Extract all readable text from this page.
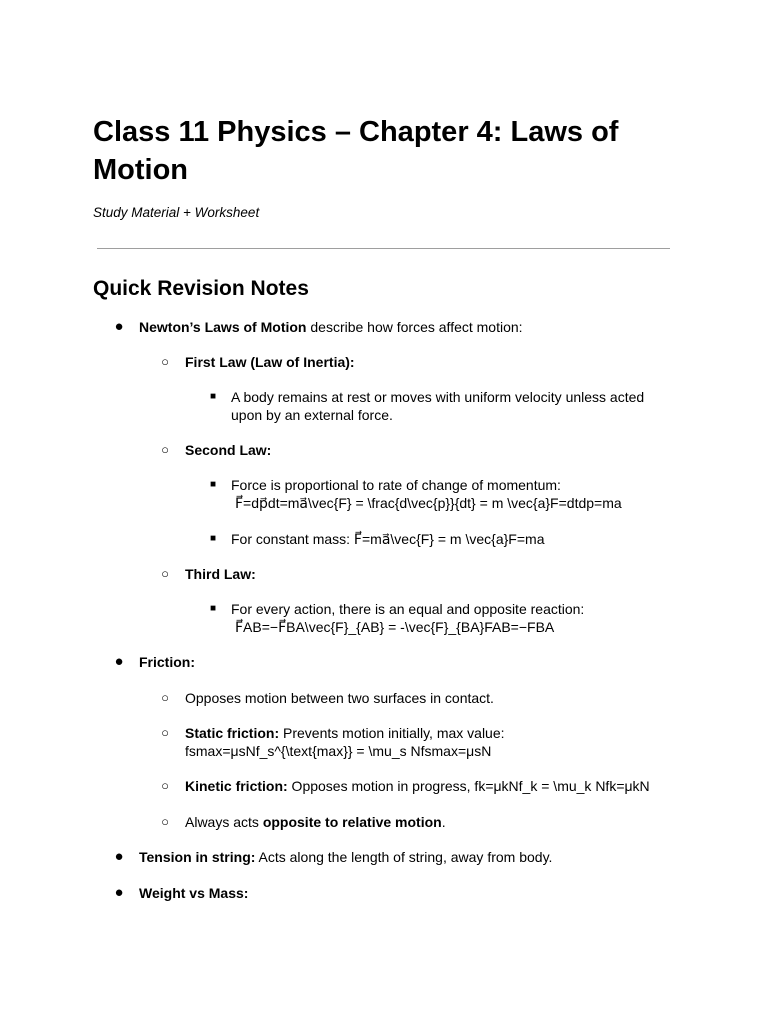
Class 11 Physics – Chapter 4: Laws of Motion

Study Material + Worksheet

Quick Revision Notes
● Newton’s Laws of Motion describe how forces affect motion:
○ First Law (Law of Inertia):
■ A body remains at rest or moves with uniform velocity unless acted
upon by an external force.
○ Second Law:
■ Force is proportional to rate of change of momentum:
F⃗=dp⃗dt=ma⃗\vec{F} = \frac{d\vec{p}}{dt} = m \vec{a}F=dtdp=ma
■ For constant mass: F⃗=ma⃗\vec{F} = m \vec{a}F=ma
○ Third Law:
■ For every action, there is an equal and opposite reaction:
F⃗AB=−F⃗BA\vec{F}_{AB} = -\vec{F}_{BA}FAB=−FBA
● Friction:
○ Opposes motion between two surfaces in contact.
○ Static friction: Prevents motion initially, max value:
fsmax=μsNf_s^{\text{max}} = \mu_s Nfsmax=μsN
○ Kinetic friction: Opposes motion in progress, fk=μkNf_k = \mu_k Nfk=μkN
○ Always acts opposite to relative motion.
● Tension in string: Acts along the length of string, away from body.
● Weight vs Mass:
